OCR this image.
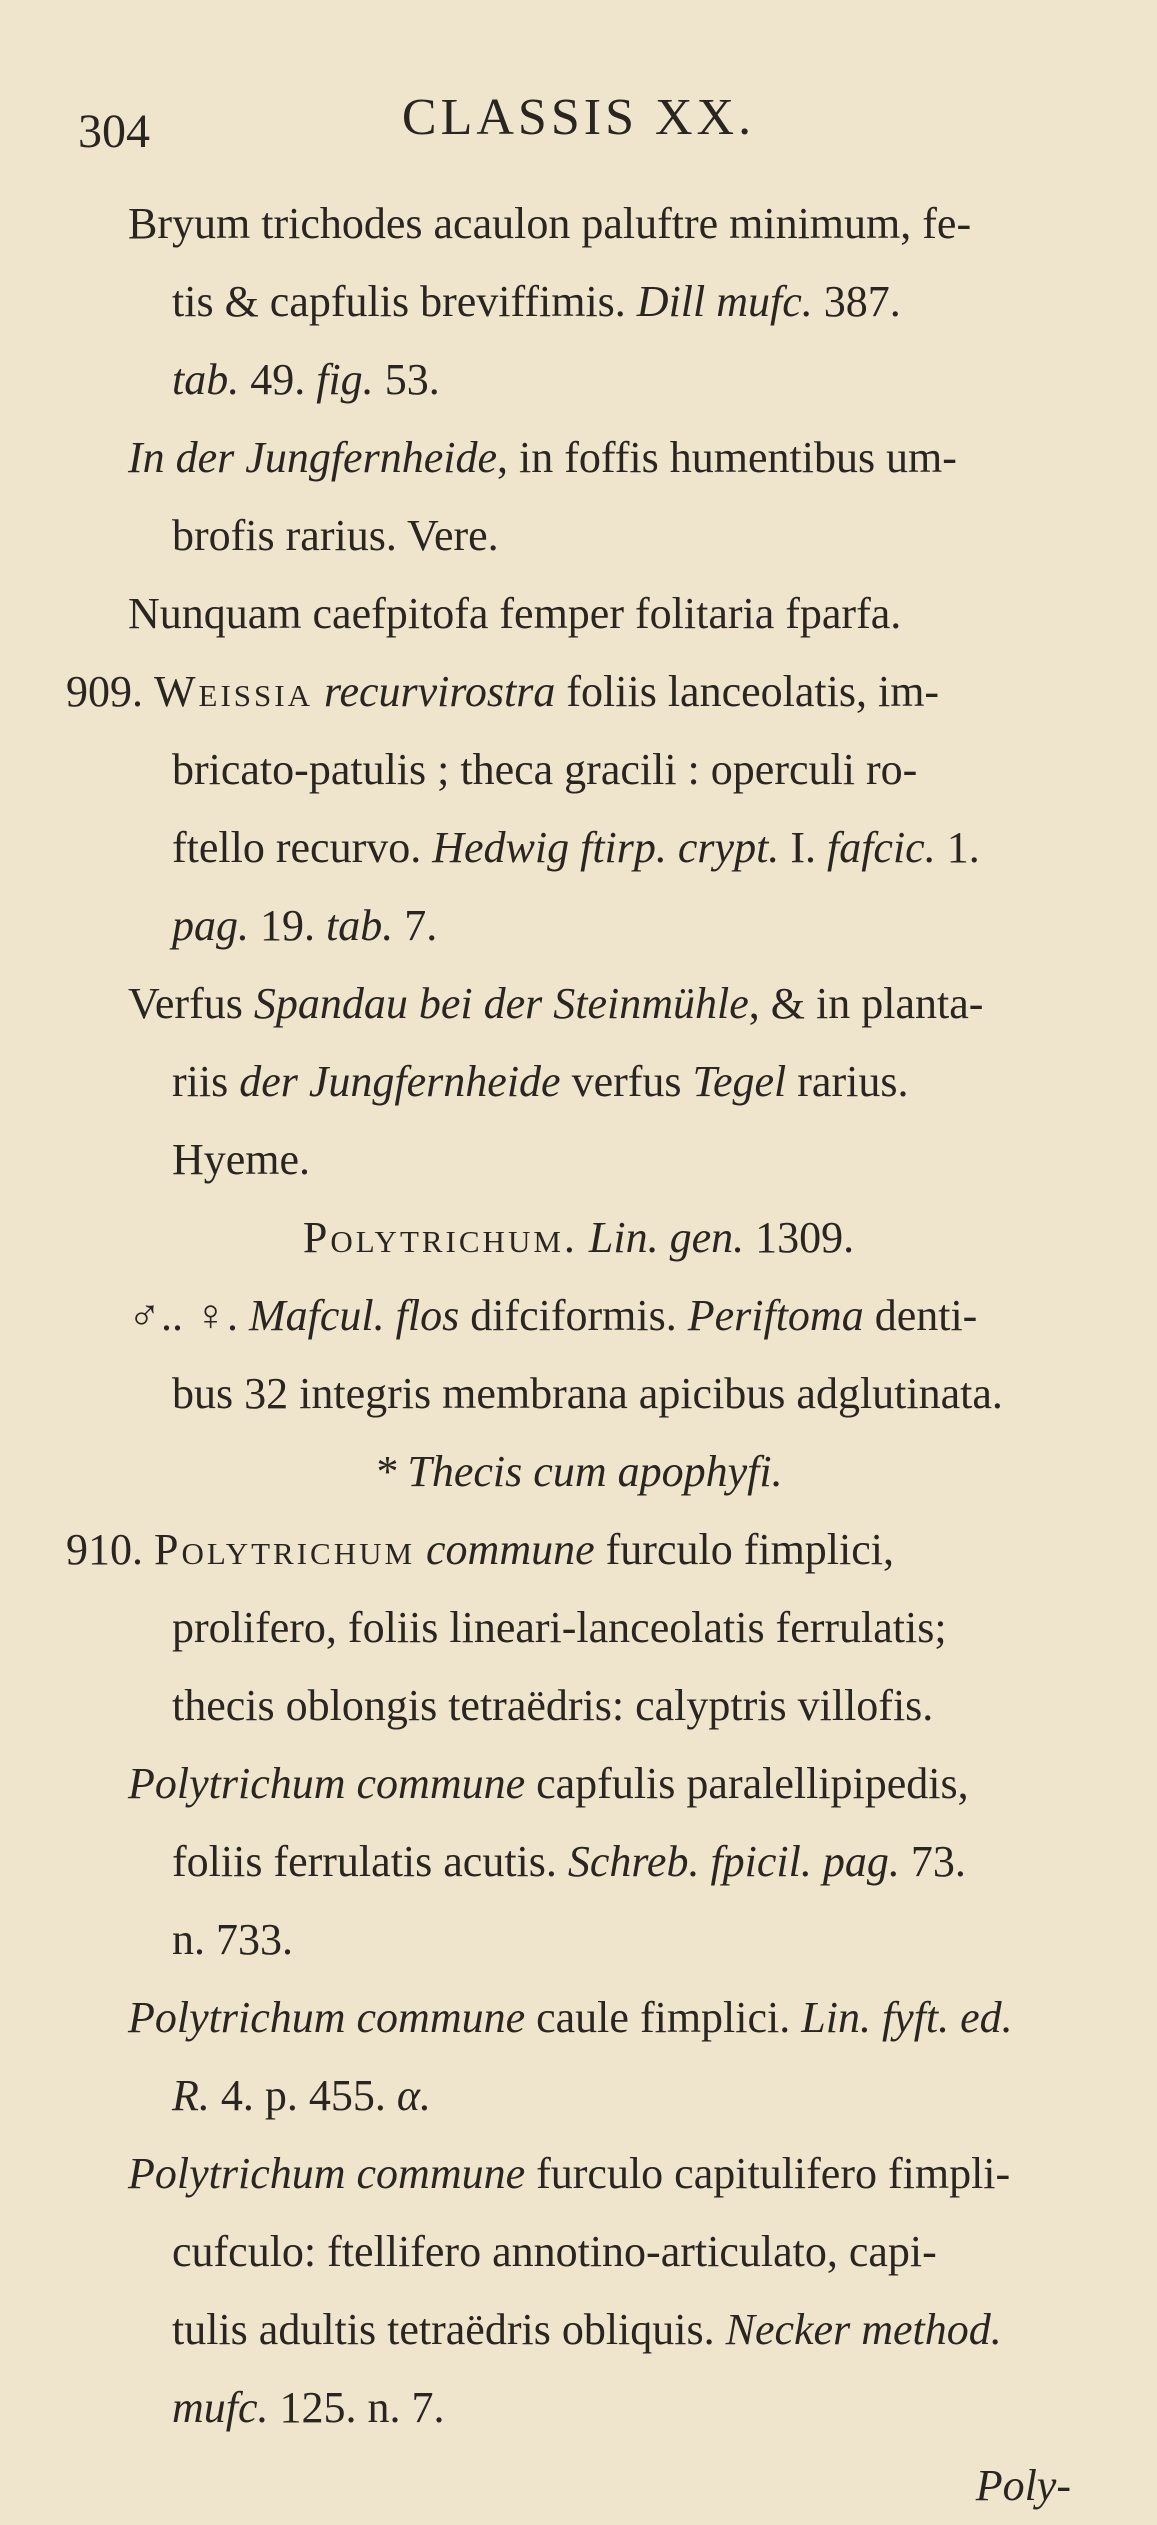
304	CLASSIS XX.
Bryum trichodes acaulon paluftre minimum, fe-
tis & capfulis breviffimis. Dill mufc. 387.
tab. 49. fig. 53.
In der Jungfernheide, in foffis humentibus um-
brofis rarius. Vere.
Nunquam caefpitofa femper folitaria fparfa.
909. Weissia recurvirostra foliis lanceolatis, im-
bricato-patulis ; theca gracili : operculi ro-
ftello recurvo. Hedwig ftirp. crypt. I. fafcic. 1.
pag. 19. tab. 7.
Verfus Spandau bei der Steinmühle, & in planta-
riis der Jungfernheide verfus Tegel rarius.
Hyeme.
Polytrichum. Lin. gen. 1309.
♂.. ♀. Mafcul. flos difciformis. Periftoma denti-
bus 32 integris membrana apicibus adglutinata.
* Thecis cum apophyfi.
910. Polytrichum commune furculo fimplici,
prolifero, foliis lineari-lanceolatis ferrulatis;
thecis oblongis tetraëdris: calyptris villofis.
Polytrichum commune capfulis paralellipipedis,
foliis ferrulatis acutis. Schreb. fpicil. pag. 73.
n. 733.
Polytrichum commune caule fimplici. Lin. fyft. ed.
R. 4. p. 455. α.
Polytrichum commune furculo capitulifero fimpli-
cufculo: ftellifero annotino-articulato, capi-
tulis adultis tetraëdris obliquis. Necker method.
mufc. 125. n. 7.
Poly-
